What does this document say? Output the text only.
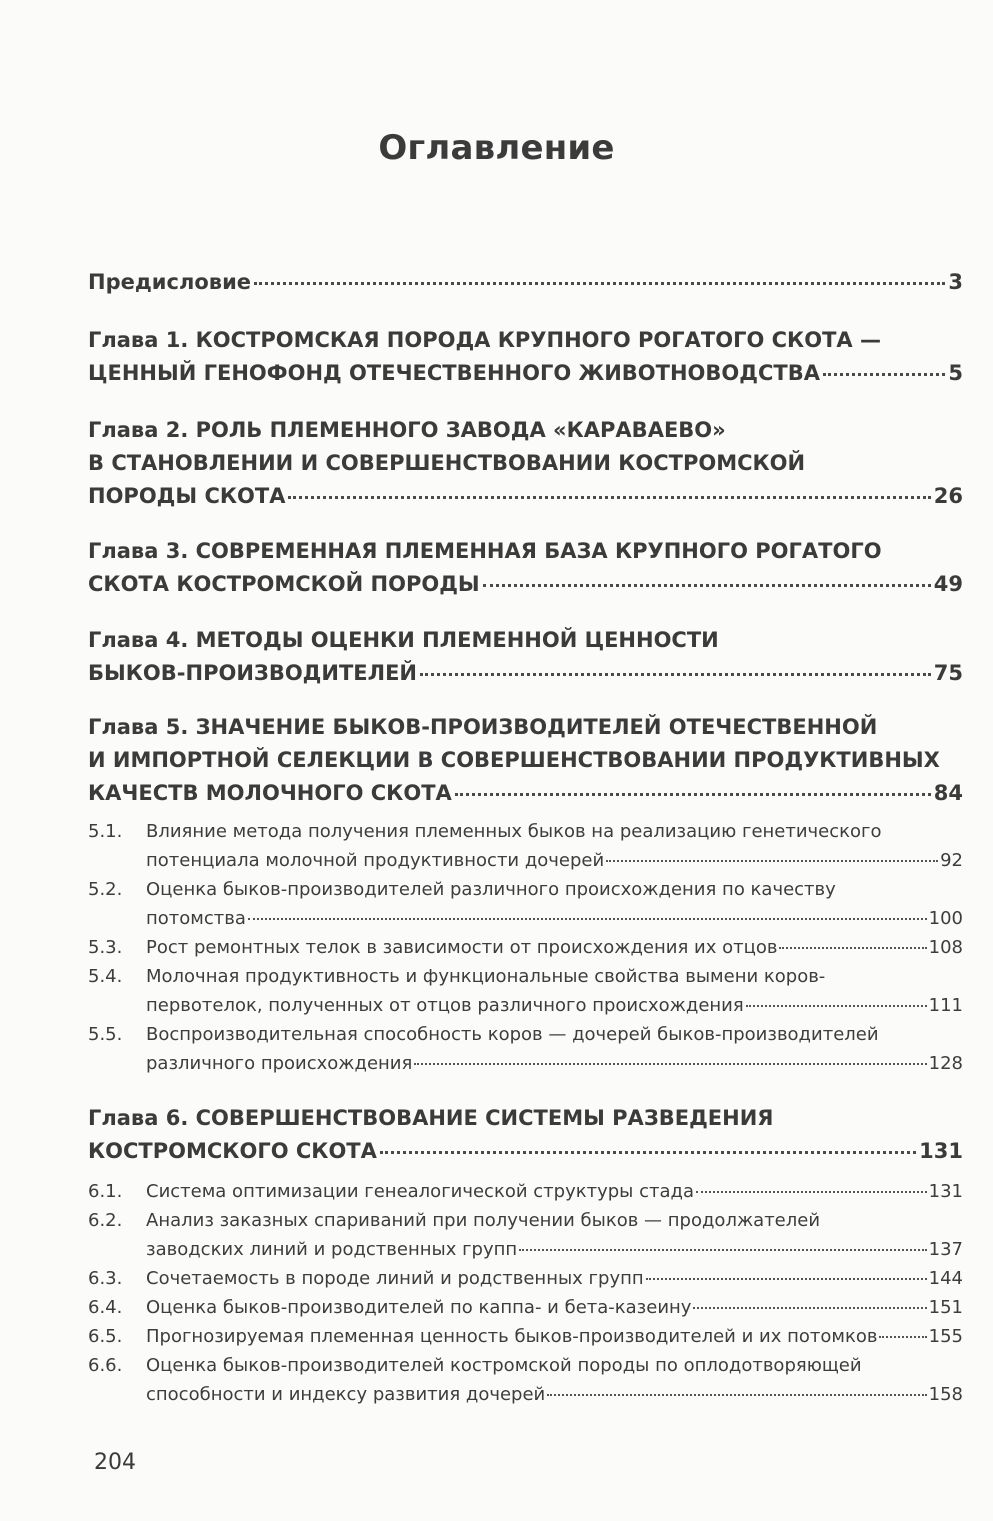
Оглавление
Предисловие	3
Глава 1. КОСТРОМСКАЯ ПОРОДА КРУПНОГО РОГАТОГО СКОТА —
ЦЕННЫЙ ГЕНОФОНД ОТЕЧЕСТВЕННОГО ЖИВОТНОВОДСТВА	5
Глава 2. РОЛЬ ПЛЕМЕННОГО ЗАВОДА «КАРАВАЕВО»
В СТАНОВЛЕНИИ И СОВЕРШЕНСТВОВАНИИ КОСТРОМСКОЙ
ПОРОДЫ СКОТА	26
Глава 3. СОВРЕМЕННАЯ ПЛЕМЕННАЯ БАЗА КРУПНОГО РОГАТОГО
СКОТА КОСТРОМСКОЙ ПОРОДЫ	49
Глава 4. МЕТОДЫ ОЦЕНКИ ПЛЕМЕННОЙ ЦЕННОСТИ
БЫКОВ-ПРОИЗВОДИТЕЛЕЙ	75
Глава 5. ЗНАЧЕНИЕ БЫКОВ-ПРОИЗВОДИТЕЛЕЙ ОТЕЧЕСТВЕННОЙ
И ИМПОРТНОЙ СЕЛЕКЦИИ В СОВЕРШЕНСТВОВАНИИ ПРОДУКТИВНЫХ
КАЧЕСТВ МОЛОЧНОГО СКОТА	84
5.1.	Влияние метода получения племенных быков на реализацию генетического
потенциала молочной продуктивности дочерей	92
5.2.	Оценка быков-производителей различного происхождения по качеству
потомства	100
5.3.	Рост ремонтных телок в зависимости от происхождения их отцов	108
5.4.	Молочная продуктивность и функциональные свойства вымени коров-
первотелок, полученных от отцов различного происхождения	111
5.5.	Воспроизводительная способность коров — дочерей быков-производителей
различного происхождения	128
Глава 6. СОВЕРШЕНСТВОВАНИЕ СИСТЕМЫ РАЗВЕДЕНИЯ
КОСТРОМСКОГО СКОТА	131
6.1.	Система оптимизации генеалогической структуры стада	131
6.2.	Анализ заказных спариваний при получении быков — продолжателей
заводских линий и родственных групп	137
6.3.	Сочетаемость в породе линий и родственных групп	144
6.4.	Оценка быков-производителей по каппа- и бета-казеину	151
6.5.	Прогнозируемая племенная ценность быков-производителей и их потомков	155
6.6.	Оценка быков-производителей костромской породы по оплодотворяющей
способности и индексу развития дочерей	158
204
